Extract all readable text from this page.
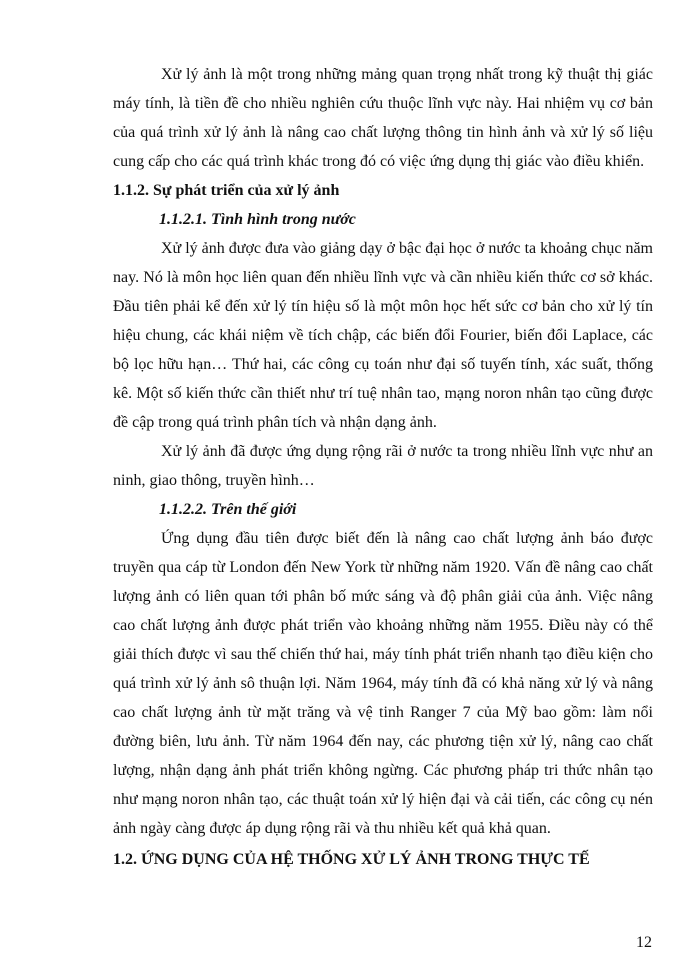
Xử lý ảnh là một trong những mảng quan trọng nhất trong kỹ thuật thị giác máy tính, là tiền đề cho nhiều nghiên cứu thuộc lĩnh vực này. Hai nhiệm vụ cơ bản của quá trình xử lý ảnh là nâng cao chất lượng thông tin hình ảnh và xử lý số liệu cung cấp cho các quá trình khác trong đó có việc ứng dụng thị giác vào điều khiển.

1.1.2. Sự phát triển của xử lý ảnh
1.1.2.1. Tình hình trong nước

Xử lý ảnh được đưa vào giảng dạy ở bậc đại học ở nước ta khoảng chục năm nay. Nó là môn học liên quan đến nhiều lĩnh vực và cần nhiều kiến thức cơ sở khác. Đầu tiên phải kể đến xử lý tín hiệu số là một môn học hết sức cơ bản cho xử lý tín hiệu chung, các khái niệm về tích chập, các biến đổi Fourier, biến đổi Laplace, các bộ lọc hữu hạn… Thứ hai, các công cụ toán như đại số tuyến tính, xác suất, thống kê. Một số kiến thức cần thiết như trí tuệ nhân tao, mạng noron nhân tạo cũng được đề cập trong quá trình phân tích và nhận dạng ảnh.

Xử lý ảnh đã được ứng dụng rộng rãi ở nước ta trong nhiều lĩnh vực như an ninh, giao thông, truyền hình…

1.1.2.2. Trên thế giới

Ứng dụng đầu tiên được biết đến là nâng cao chất lượng ảnh báo được truyền qua cáp từ London đến New York từ những năm 1920. Vấn đề nâng cao chất lượng ảnh có liên quan tới phân bố mức sáng và độ phân giải của ảnh. Việc nâng cao chất lượng ảnh được phát triển vào khoảng những năm 1955. Điều này có thể giải thích được vì sau thế chiến thứ hai, máy tính phát triển nhanh tạo điều kiện cho quá trình xử lý ảnh sô thuận lợi. Năm 1964, máy tính đã có khả năng xử lý và nâng cao chất lượng ảnh từ mặt trăng và vệ tinh Ranger 7 của Mỹ bao gồm: làm nổi đường biên, lưu ảnh. Từ năm 1964 đến nay, các phương tiện xử lý, nâng cao chất lượng, nhận dạng ảnh phát triển không ngừng. Các phương pháp tri thức nhân tạo như mạng noron nhân tạo, các thuật toán xử lý hiện đại và cải tiến, các công cụ nén ảnh ngày càng được áp dụng rộng rãi và thu nhiều kết quả khả quan.

1.2. ỨNG DỤNG CỦA HỆ THỐNG XỬ LÝ ẢNH TRONG THỰC TẾ
12
